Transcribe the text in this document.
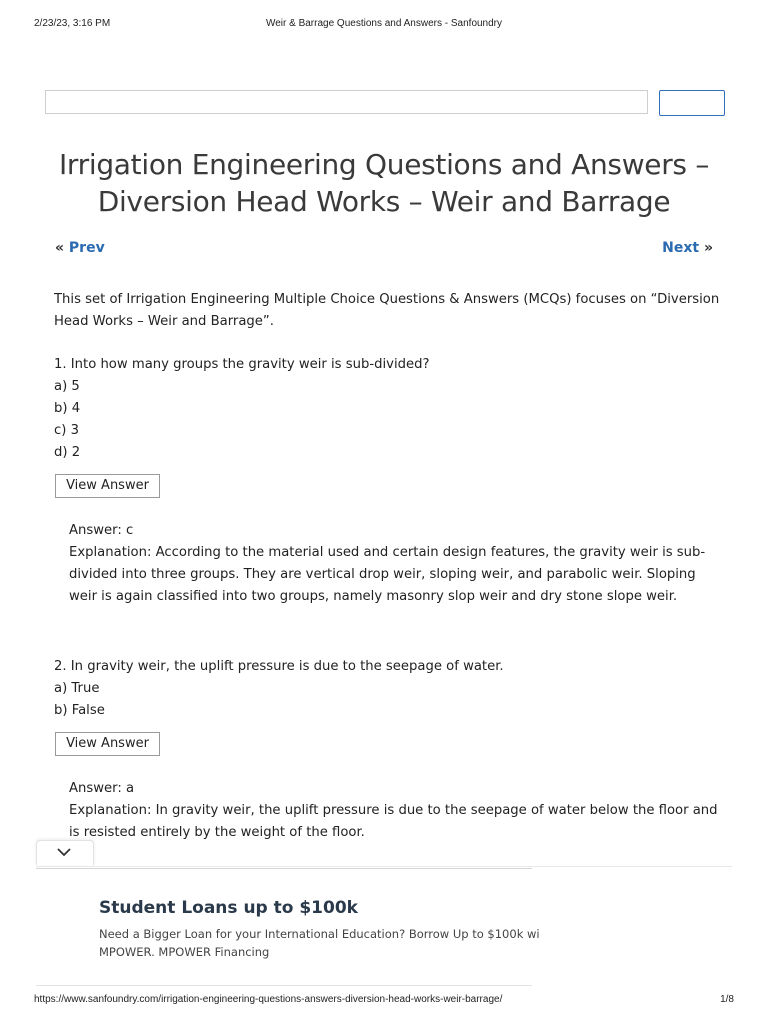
2/23/23, 3:16 PM	Weir & Barrage Questions and Answers - Sanfoundry
Irrigation Engineering Questions and Answers – Diversion Head Works – Weir and Barrage
« Prev	Next »
This set of Irrigation Engineering Multiple Choice Questions & Answers (MCQs) focuses on “Diversion
Head Works – Weir and Barrage”.
1. Into how many groups the gravity weir is sub-divided?
a) 5
b) 4
c) 3
d) 2
View Answer
Answer: c
Explanation: According to the material used and certain design features, the gravity weir is sub-
divided into three groups. They are vertical drop weir, sloping weir, and parabolic weir. Sloping
weir is again classified into two groups, namely masonry slop weir and dry stone slope weir.
2. In gravity weir, the uplift pressure is due to the seepage of water.
a) True
b) False
View Answer
Answer: a
Explanation: In gravity weir, the uplift pressure is due to the seepage of water below the floor and
is resisted entirely by the weight of the floor.
Student Loans up to $100k
Need a Bigger Loan for your International Education? Borrow Up to $100k wi
MPOWER. MPOWER Financing
https://www.sanfoundry.com/irrigation-engineering-questions-answers-diversion-head-works-weir-barrage/	1/8
